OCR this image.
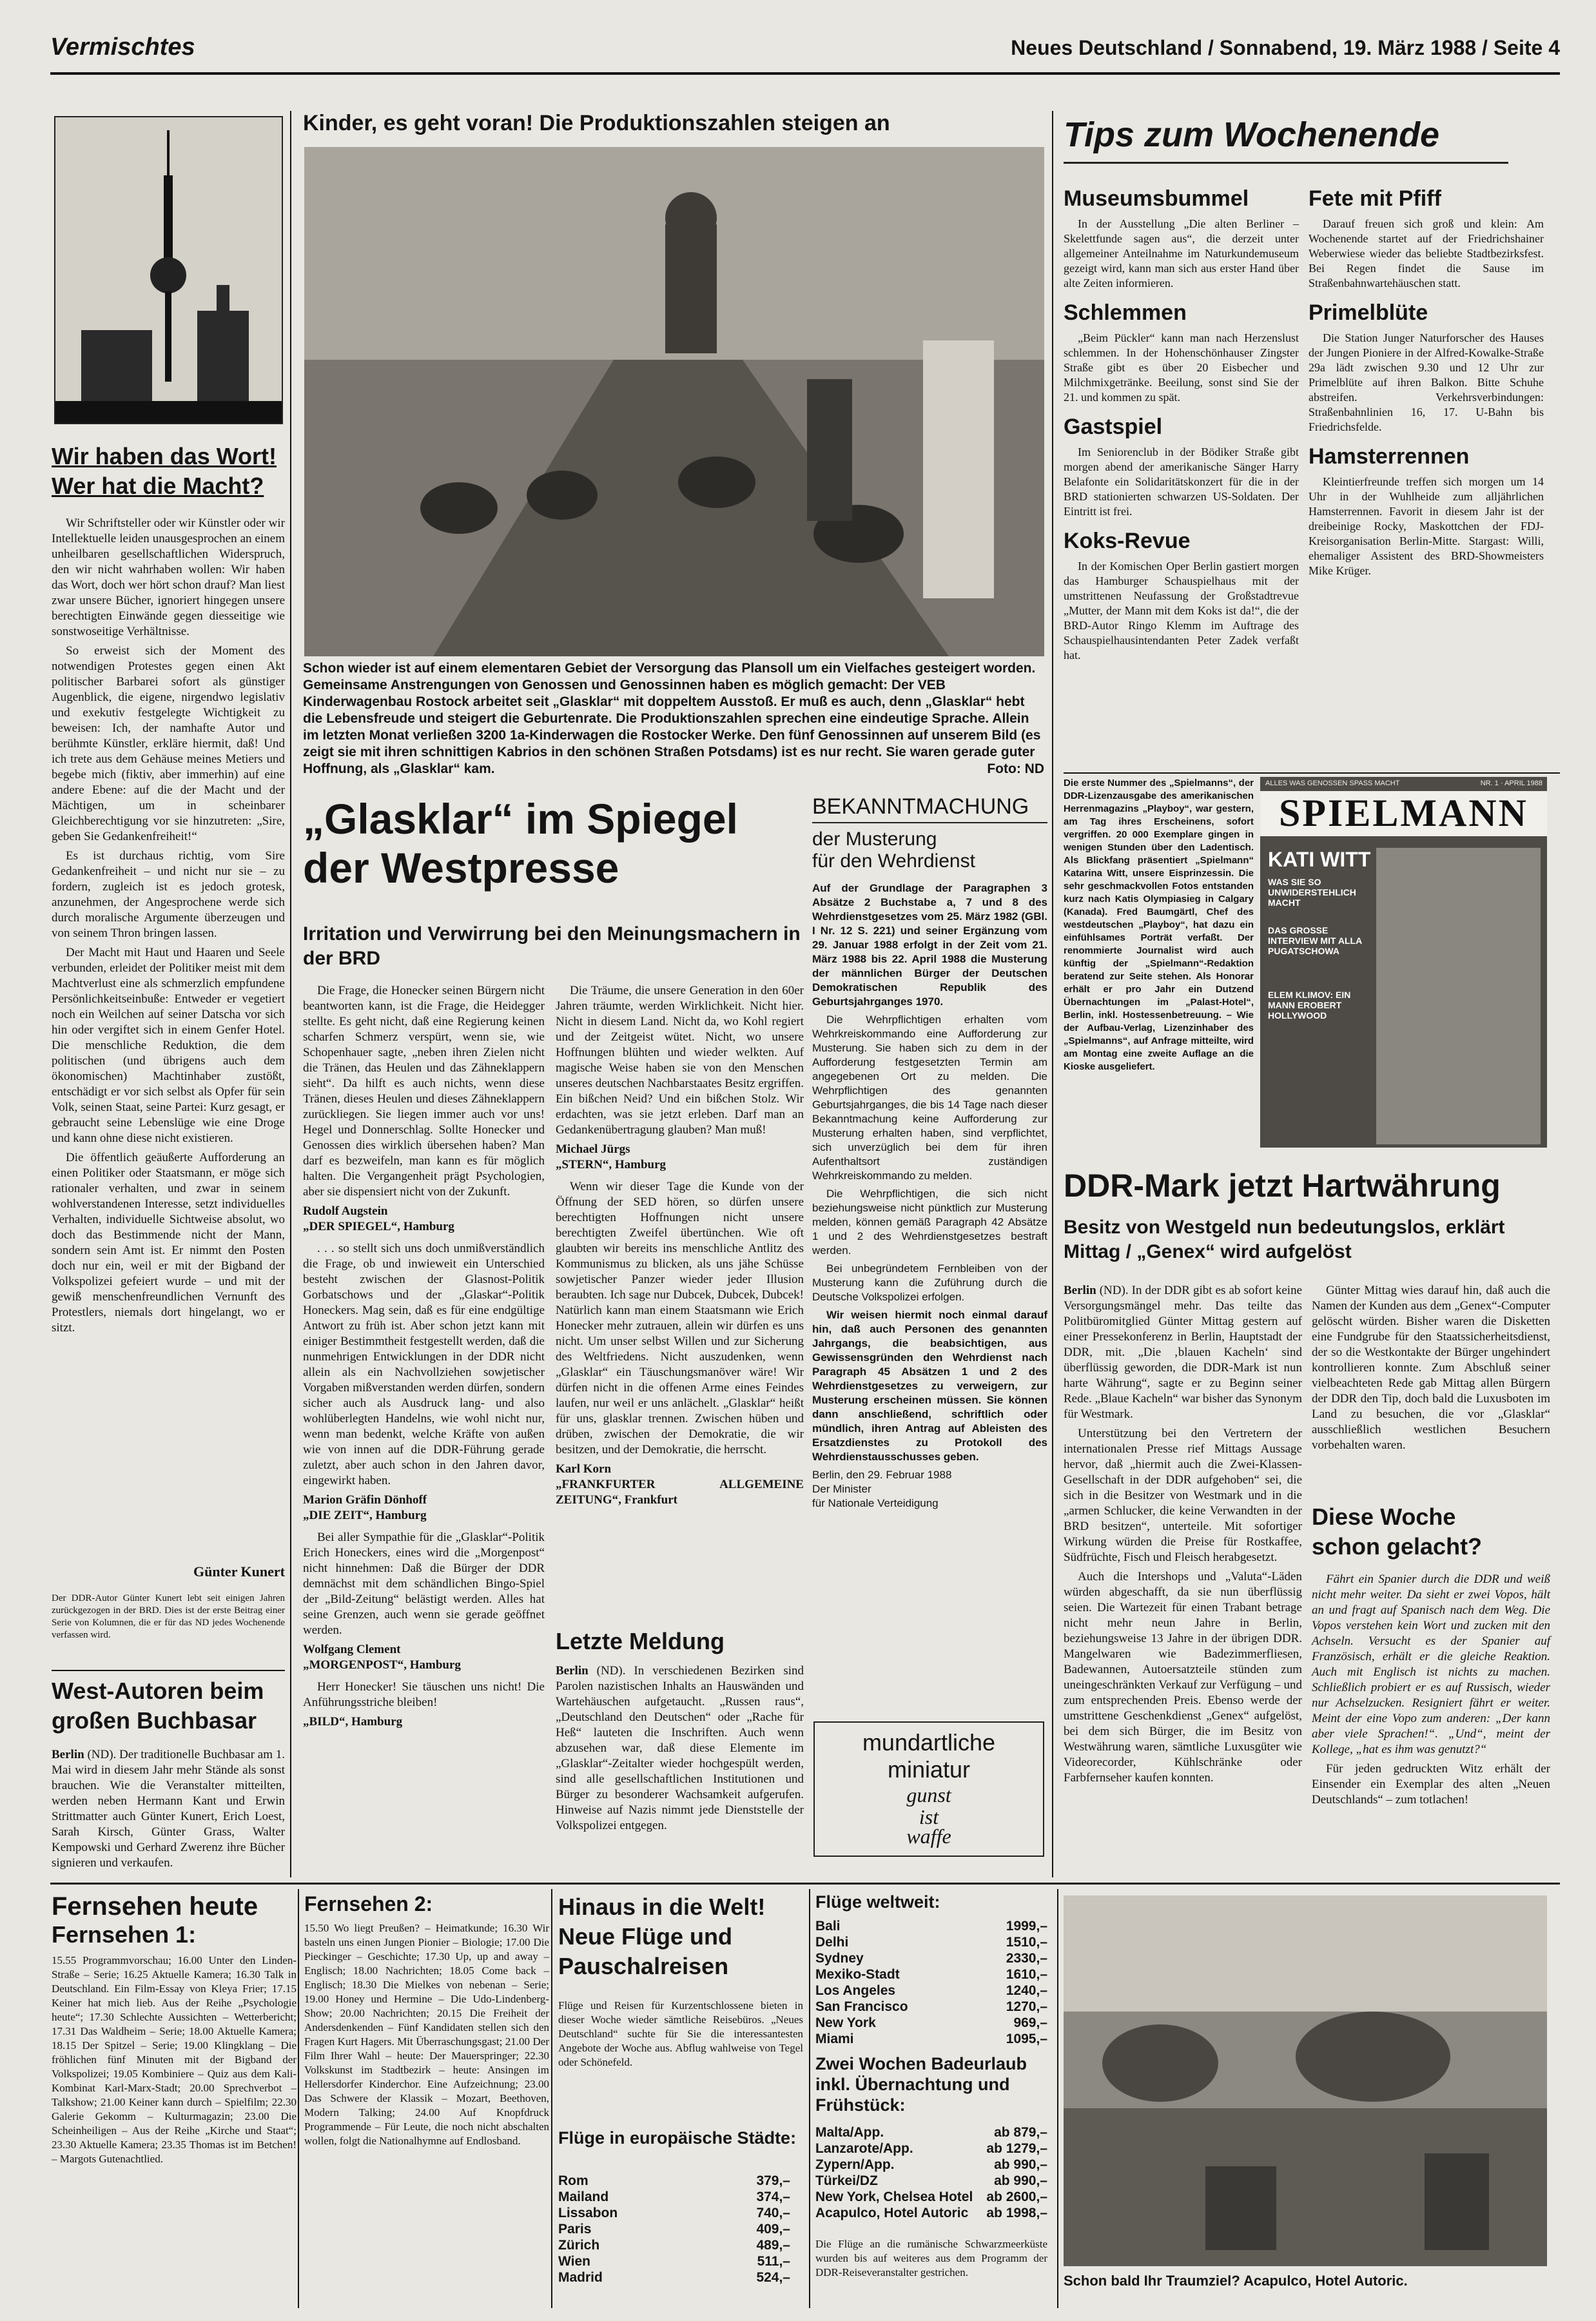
Vermischtes	Neues Deutschland / Sonnabend, 19. März 1988 / Seite 4
Wir haben das Wort!
Wer hat die Macht?

Wir Schriftsteller oder wir Künstler oder wir Intellektuelle leiden unausgesprochen an einem unheilbaren gesellschaftlichen Widerspruch, den wir nicht wahrhaben wollen: Wir haben das Wort, doch wer hört schon drauf? Man liest zwar unsere Bücher, ignoriert hingegen unsere berechtigten Einwände gegen diesseitige wie sonstwoseitige Verhältnisse.

So erweist sich der Moment des notwendigen Protestes gegen einen Akt politischer Barbarei sofort als günstiger Augenblick, die eigene, nirgendwo legislativ und exekutiv festgelegte Wichtigkeit zu beweisen: Ich, der namhafte Autor und berühmte Künstler, erkläre hiermit, daß! Und ich trete aus dem Gehäuse meines Metiers und begebe mich (fiktiv, aber immerhin) auf eine andere Ebene: auf die der Macht und der Mächtigen, um in scheinbarer Gleichberechtigung vor sie hinzutreten: „Sire, geben Sie Gedankenfreiheit!“

Es ist durchaus richtig, vom Sire Gedankenfreiheit – und nicht nur sie – zu fordern, zugleich ist es jedoch grotesk, anzunehmen, der Angesprochene werde sich durch moralische Argumente überzeugen und von seinem Thron bringen lassen.

Der Macht mit Haut und Haaren und Seele verbunden, erleidet der Politiker meist mit dem Machtverlust eine als schmerzlich empfundene Persönlichkeitseinbuße: Entweder er vegetiert noch ein Weilchen auf seiner Datscha vor sich hin oder vergiftet sich in einem Genfer Hotel. Die menschliche Reduktion, die dem politischen (und übrigens auch dem ökonomischen) Machtinhaber zustößt, entschädigt er vor sich selbst als Opfer für sein Volk, seinen Staat, seine Partei: Kurz gesagt, er gebraucht seine Lebenslüge wie eine Droge und kann ohne diese nicht existieren.

Die öffentlich geäußerte Aufforderung an einen Politiker oder Staatsmann, er möge sich rationaler verhalten, und zwar in seinem wohlverstandenen Interesse, setzt individuelles Verhalten, individuelle Sichtweise absolut, wo doch das Bestimmende nicht der Mann, sondern sein Amt ist. Er nimmt den Posten doch nur ein, weil er mit der Bigband der Volkspolizei gefeiert wurde – und mit der gewiß menschenfreundlichen Vernunft des Protestlers, niemals dort hingelangt, wo er sitzt.

Günter Kunert
Der DDR-Autor Günter Kunert lebt seit einigen Jahren zurückgezogen in der BRD. Dies ist der erste Beitrag einer Serie von Kolumnen, die er für das ND jedes Wochenende verfassen wird.
West-Autoren beim
großen Buchbasar
Berlin (ND). Der traditionelle Buchbasar am 1. Mai wird in diesem Jahr mehr Stände als sonst brauchen. Wie die Veranstalter mitteilten, werden neben Hermann Kant und Erwin Strittmatter auch Günter Kunert, Erich Loest, Sarah Kirsch, Günter Grass, Walter Kempowski und Gerhard Zwerenz ihre Bücher signieren und verkaufen.
Kinder, es geht voran! Die Produktionszahlen steigen an
Schon wieder ist auf einem elementaren Gebiet der Versorgung das Plansoll um ein Vielfaches gesteigert worden. Gemeinsame Anstrengungen von Genossen und Genossinnen haben es möglich gemacht: Der VEB Kinderwagenbau Rostock arbeitet seit „Glasklar“ mit doppeltem Ausstoß. Er muß es auch, denn „Glasklar“ hebt die Lebensfreude und steigert die Geburtenrate. Die Produktionszahlen sprechen eine eindeutige Sprache. Allein im letzten Monat verließen 3200 1a-Kinderwagen die Rostocker Werke. Den fünf Genossinnen auf unserem Bild (es zeigt sie mit ihren schnittigen Kabrios in den schönen Straßen Potsdams) ist es nur recht. Sie waren gerade guter Hoffnung, als „Glasklar“ kam.	Foto: ND
„Glasklar“ im Spiegel
der Westpresse
Irritation und Verwirrung bei den Meinungsmachern in der BRD

Die Frage, die Honecker seinen Bürgern nicht beantworten kann, ist die Frage, die Heidegger stellte. Es geht nicht, daß eine Regierung keinen scharfen Schmerz verspürt, wenn sie, wie Schopenhauer sagte, „neben ihren Zielen nicht die Tränen, das Heulen und das Zähneklappern sieht“. Da hilft es auch nichts, wenn diese Tränen, dieses Heulen und dieses Zähneklappern zurückliegen. Sie liegen immer auch vor uns! Hegel und Donnerschlag. Sollte Honecker und Genossen dies wirklich übersehen haben? Man darf es bezweifeln, man kann es für möglich halten. Die Vergangenheit prägt Psychologien, aber sie dispensiert nicht von der Zukunft.

Rudolf Augstein
„DER SPIEGEL“, Hamburg

. . . so stellt sich uns doch unmißverständlich die Frage, ob und inwieweit ein Unterschied besteht zwischen der Glasnost-Politik Gorbatschows und der „Glaskar“-Politik Honeckers. Mag sein, daß es für eine endgültige Antwort zu früh ist. Aber schon jetzt kann mit einiger Bestimmtheit festgestellt werden, daß die nunmehrigen Entwicklungen in der DDR nicht allein als ein Nachvollziehen sowjetischer Vorgaben mißverstanden werden dürfen, sondern sicher auch als Ausdruck lang- und also wohlüberlegten Handelns, wie wohl nicht nur, wenn man bedenkt, welche Kräfte von außen wie von innen auf die DDR-Führung gerade zuletzt, aber auch schon in den Jahren davor, eingewirkt haben.

Marion Gräfin Dönhoff
„DIE ZEIT“, Hamburg

Bei aller Sympathie für die „Glasklar“-Politik Erich Honeckers, eines wird die „Morgenpost“ nicht hinnehmen: Daß die Bürger der DDR demnächst mit dem schändlichen Bingo-Spiel der „Bild-Zeitung“ belästigt werden. Alles hat seine Grenzen, auch wenn sie gerade geöffnet werden.

Wolfgang Clement
„MORGENPOST“, Hamburg

Herr Honecker! Sie täuschen uns nicht! Die Anführungsstriche bleiben!

„BILD“, Hamburg

Die Träume, die unsere Generation in den 60er Jahren träumte, werden Wirklichkeit. Nicht hier. Nicht in diesem Land. Nicht da, wo Kohl regiert und der Zeitgeist wütet. Nicht, wo unsere Hoffnungen blühten und wieder welkten. Auf magische Weise haben sie von den Menschen unseres deutschen Nachbarstaates Besitz ergriffen. Ein bißchen Neid? Und ein bißchen Stolz. Wir erdachten, was sie jetzt erleben. Darf man an Gedankenübertragung glauben? Man muß!

Michael Jürgs
„STERN“, Hamburg

Wenn wir dieser Tage die Kunde von der Öffnung der SED hören, so dürfen unsere berechtigten Hoffnungen nicht unsere berechtigten Zweifel übertünchen. Wie oft glaubten wir bereits ins menschliche Antlitz des Kommunismus zu blicken, als uns jähe Schüsse sowjetischer Panzer wieder jeder Illusion beraubten. Ich sage nur Dubcek, Dubcek, Dubcek! Natürlich kann man einem Staatsmann wie Erich Honecker mehr zutrauen, allein wir dürfen es uns nicht. Um unser selbst Willen und zur Sicherung des Weltfriedens. Nicht auszudenken, wenn „Glasklar“ ein Täuschungsmanöver wäre! Wir dürfen nicht in die offenen Arme eines Feindes laufen, nur weil er uns anlächelt. „Glasklar“ heißt für uns, glasklar trennen. Zwischen hüben und drüben, zwischen der Demokratie, die wir besitzen, und der Demokratie, die herrscht.

Karl Korn
„FRANKFURTER ALLGEMEINE ZEITUNG“, Frankfurt
Letzte Meldung
Berlin (ND). In verschiedenen Bezirken sind Parolen nazistischen Inhalts an Hauswänden und Wartehäuschen aufgetaucht. „Russen raus“, „Deutschland den Deutschen“ oder „Rache für Heß“ lauteten die Inschriften. Auch wenn abzusehen war, daß diese Elemente im „Glasklar“-Zeitalter wieder hochgespült werden, sind alle gesellschaftlichen Institutionen und Bürger zu besonderer Wachsamkeit aufgerufen. Hinweise auf Nazis nimmt jede Dienststelle der Volkspolizei entgegen.
BEKANNTMACHUNG
der Musterung
für den Wehrdienst

Auf der Grundlage der Paragraphen 3 Absätze 2 Buchstabe a, 7 und 8 des Wehrdienstgesetzes vom 25. März 1982 (GBl. I Nr. 12 S. 221) und seiner Ergänzung vom 29. Januar 1988 erfolgt in der Zeit vom 21. März 1988 bis 22. April 1988 die Musterung der männlichen Bürger der Deutschen Demokratischen Republik des Geburtsjahrganges 1970.

Die Wehrpflichtigen erhalten vom Wehrkreiskommando eine Aufforderung zur Musterung. Sie haben sich zu dem in der Aufforderung festgesetzten Termin am angegebenen Ort zu melden. Die Wehrpflichtigen des genannten Geburtsjahrganges, die bis 14 Tage nach dieser Bekanntmachung keine Aufforderung zur Musterung erhalten haben, sind verpflichtet, sich unverzüglich bei dem für ihren Aufenthaltsort zuständigen Wehrkreiskommando zu melden.

Die Wehrpflichtigen, die sich nicht beziehungsweise nicht pünktlich zur Musterung melden, können gemäß Paragraph 42 Absätze 1 und 2 des Wehrdienstgesetzes bestraft werden.

Bei unbegründetem Fernbleiben von der Musterung kann die Zuführung durch die Deutsche Volkspolizei erfolgen.

Wir weisen hiermit noch einmal darauf hin, daß auch Personen des genannten Jahrgangs, die beabsichtigen, aus Gewissensgründen den Wehrdienst nach Paragraph 45 Absätzen 1 und 2 des Wehrdienstgesetzes zu verweigern, zur Musterung erscheinen müssen. Sie können dann anschließend, schriftlich oder mündlich, ihren Antrag auf Ableisten des Ersatzdienstes zu Protokoll des Wehrdienstausschusses geben.

Berlin, den 29. Februar 1988
Der Minister
für Nationale Verteidigung
mundartliche
miniatur
gunst
ist
waffe
Tips zum Wochenende
Museumsbummel

In der Ausstellung „Die alten Berliner – Skelettfunde sagen aus“, die derzeit unter allgemeiner Anteilnahme im Naturkundemuseum gezeigt wird, kann man sich aus erster Hand über alte Zeiten informieren.

Schlemmen

„Beim Pückler“ kann man nach Herzenslust schlemmen. In der Hohenschönhauser Zingster Straße gibt es über 20 Eisbecher und Milchmixgetränke. Beeilung, sonst sind Sie der 21. und kommen zu spät.

Gastspiel

Im Seniorenclub in der Bödiker Straße gibt morgen abend der amerikanische Sänger Harry Belafonte ein Solidaritätskonzert für die in der BRD stationierten schwarzen US-Soldaten. Der Eintritt ist frei.

Koks-Revue

In der Komischen Oper Berlin gastiert morgen das Hamburger Schauspielhaus mit der umstrittenen Neufassung der Großstadtrevue „Mutter, der Mann mit dem Koks ist da!“, die der BRD-Autor Ringo Klemm im Auftrage des Schauspielhausintendanten Peter Zadek verfaßt hat.

Fete mit Pfiff

Darauf freuen sich groß und klein: Am Wochenende startet auf der Friedrichshainer Weberwiese wieder das beliebte Stadtbezirksfest. Bei Regen findet die Sause im Straßenbahnwartehäuschen statt.

Primelblüte

Die Station Junger Naturforscher des Hauses der Jungen Pioniere in der Alfred-Kowalke-Straße 29a lädt zwischen 9.30 und 12 Uhr zur Primelblüte auf ihren Balkon. Bitte Schuhe abstreifen. Verkehrsverbindungen: Straßenbahnlinien 16, 17. U-Bahn bis Friedrichsfelde.

Hamsterrennen

Kleintierfreunde treffen sich morgen um 14 Uhr in der Wuhlheide zum alljährlichen Hamsterrennen. Favorit in diesem Jahr ist der dreibeinige Rocky, Maskottchen der FDJ-Kreisorganisation Berlin-Mitte. Stargast: Willi, ehemaliger Assistent des BRD-Showmeisters Mike Krüger.

Die erste Nummer des „Spielmanns“, der DDR-Lizenzausgabe des amerikanischen Herrenmagazins „Playboy“, war gestern, am Tag ihres Erscheinens, sofort vergriffen. 20 000 Exemplare gingen in wenigen Stunden über den Ladentisch. Als Blickfang präsentiert „Spielmann“ Katarina Witt, unsere Eisprinzessin. Die sehr geschmackvollen Fotos entstanden kurz nach Katis Olympiasieg in Calgary (Kanada). Fred Baumgärtl, Chef des westdeutschen „Playboy“, hat dazu ein einfühlsames Porträt verfaßt. Der renommierte Journalist wird auch künftig der „Spielmann“-Redaktion beratend zur Seite stehen. Als Honorar erhält er pro Jahr ein Dutzend Übernachtungen im „Palast-Hotel“, Berlin, inkl. Hostessenbetreuung. – Wie der Aufbau-Verlag, Lizenzinhaber des „Spielmanns“, auf Anfrage mitteilte, wird am Montag eine zweite Auflage an die Kioske ausgeliefert.
ALLES WAS GENOSSEN SPASS MACHT	NR. 1 · APRIL 1988
SPIELMANN
KATI WITT
WAS SIE SO UNWIDERSTEHLICH MACHT
DAS GROSSE INTERVIEW MIT ALLA PUGATSCHOWA
ELEM KLIMOV: EIN MANN EROBERT HOLLYWOOD
DDR-Mark jetzt Hartwährung
Besitz von Westgeld nun bedeutungslos, erklärt Mittag / „Genex“ wird aufgelöst

Berlin (ND). In der DDR gibt es ab sofort keine Versorgungsmängel mehr. Das teilte das Politbüromitglied Günter Mittag gestern auf einer Pressekonferenz in Berlin, Hauptstadt der DDR, mit. „Die ‚blauen Kacheln‘ sind überflüssig geworden, die DDR-Mark ist nun harte Währung“, sagte er zu Beginn seiner Rede. „Blaue Kacheln“ war bisher das Synonym für Westmark.

Unterstützung bei den Vertretern der internationalen Presse rief Mittags Aussage hervor, daß „hiermit auch die Zwei-Klassen-Gesellschaft in der DDR aufgehoben“ sei, die sich in die Besitzer von Westmark und in die „armen Schlucker, die keine Verwandten in der BRD besitzen“, unterteile. Mit sofortiger Wirkung würden die Preise für Rostkaffee, Südfrüchte, Fisch und Fleisch herabgesetzt.

Auch die Intershops und „Valuta“-Läden würden abgeschafft, da sie nun überflüssig seien. Die Wartezeit für einen Trabant betrage nicht mehr neun Jahre in Berlin, beziehungsweise 13 Jahre in der übrigen DDR. Mangelwaren wie Badezimmerfliesen, Badewannen, Autoersatzteile stünden zum uneingeschränkten Verkauf zur Verfügung – und zum entsprechenden Preis. Ebenso werde der umstrittene Geschenkdienst „Genex“ aufgelöst, bei dem sich Bürger, die im Besitz von Westwährung waren, sämtliche Luxusgüter wie Videorecorder, Kühlschränke oder Farbfernseher kaufen konnten.

Günter Mittag wies darauf hin, daß auch die Namen der Kunden aus dem „Genex“-Computer gelöscht würden. Bisher waren die Disketten eine Fundgrube für den Staatssicherheitsdienst, der so die Westkontakte der Bürger ungehindert kontrollieren konnte. Zum Abschluß seiner vielbeachteten Rede gab Mittag allen Bürgern der DDR den Tip, doch bald die Luxusboten im Land zu besuchen, die vor „Glasklar“ ausschließlich westlichen Besuchern vorbehalten waren.

Diese Woche
schon gelacht?

Fährt ein Spanier durch die DDR und weiß nicht mehr weiter. Da sieht er zwei Vopos, hält an und fragt auf Spanisch nach dem Weg. Die Vopos verstehen kein Wort und zucken mit den Achseln. Versucht es der Spanier auf Französisch, erhält er die gleiche Reaktion. Auch mit Englisch ist nichts zu machen. Schließlich probiert er es auf Russisch, wieder nur Achselzucken. Resigniert fährt er weiter. Meint der eine Vopo zum anderen: „Der kann aber viele Sprachen!“. „Und“, meint der Kollege, „hat es ihm was genutzt?“

Für jeden gedruckten Witz erhält der Einsender ein Exemplar des alten „Neuen Deutschlands“ – zum totlachen!

Fernsehen heute
Fernsehen 1:
15.55 Programmvorschau; 16.00 Unter den Linden-Straße – Serie; 16.25 Aktuelle Kamera; 16.30 Talk in Deutschland. Ein Film-Essay von Kleya Frier; 17.15 Keiner hat mich lieb. Aus der Reihe „Psychologie heute“; 17.30 Schlechte Aussichten – Wetterbericht; 17.31 Das Waldheim – Serie; 18.00 Aktuelle Kamera; 18.15 Der Spitzel – Serie; 19.00 Klingklang – Die fröhlichen fünf Minuten mit der Bigband der Volkspolizei; 19.05 Kombiniere – Quiz aus dem Kali-Kombinat Karl-Marx-Stadt; 20.00 Sprechverbot – Talkshow; 21.00 Keiner kann durch – Spielfilm; 22.30 Galerie Gekomm – Kulturmagazin; 23.00 Die Scheinheiligen – Aus der Reihe „Kirche und Staat“; 23.30 Aktuelle Kamera; 23.35 Thomas ist im Betchen! – Margots Gutenachtlied.
Fernsehen 2:
15.50 Wo liegt Preußen? – Heimatkunde; 16.30 Wir basteln uns einen Jungen Pionier – Biologie; 17.00 Die Pieckinger – Geschichte; 17.30 Up, up and away – Englisch; 18.00 Nachrichten; 18.05 Come back – Englisch; 18.30 Die Mielkes von nebenan – Serie; 19.00 Honey und Hermine – Die Udo-Lindenberg-Show; 20.00 Nachrichten; 20.15 Die Freiheit der Andersdenkenden – Fünf Kandidaten stellen sich den Fragen Kurt Hagers. Mit Überraschungsgast; 21.00 Der Film Ihrer Wahl – heute: Der Mauerspringer; 22.30 Volkskunst im Stadtbezirk – heute: Ansingen im Hellersdorfer Kinderchor. Eine Aufzeichnung; 23.00 Das Schwere der Klassik – Mozart, Beethoven, Modern Talking; 24.00 Auf Knopfdruck Programmende – Für Leute, die noch nicht abschalten wollen, folgt die Nationalhymne auf Endlosband.
Hinaus in die Welt!
Neue Flüge und
Pauschalreisen
Flüge und Reisen für Kurzentschlossene bieten in dieser Woche wieder sämtliche Reisebüros. „Neues Deutschland“ suchte für Sie die interessantesten Angebote der Woche aus. Abflug wahlweise von Tegel oder Schönefeld.
Flüge in europäische Städte:
Rom	379,–
Mailand	374,–
Lissabon	740,–
Paris	409,–
Zürich	489,–
Wien	511,–
Madrid	524,–
Flüge weltweit:
Bali	1999,–
Delhi	1510,–
Sydney	2330,–
Mexiko-Stadt	1610,–
Los Angeles	1240,–
San Francisco	1270,–
New York	969,–
Miami	1095,–
Zwei Wochen Badeurlaub inkl. Übernachtung und Frühstück:
Malta/App.	ab 879,–
Lanzarote/App.	ab 1279,–
Zypern/App.	ab 990,–
Türkei/DZ	ab 990,–
New York, Chelsea Hotel ab 2600,–
Acapulco, Hotel Autoric ab 1998,–
Die Flüge an die rumänische Schwarzmeerküste wurden bis auf weiteres aus dem Programm der DDR-Reiseveranstalter gestrichen.
Schon bald Ihr Traumziel? Acapulco, Hotel Autoric.
